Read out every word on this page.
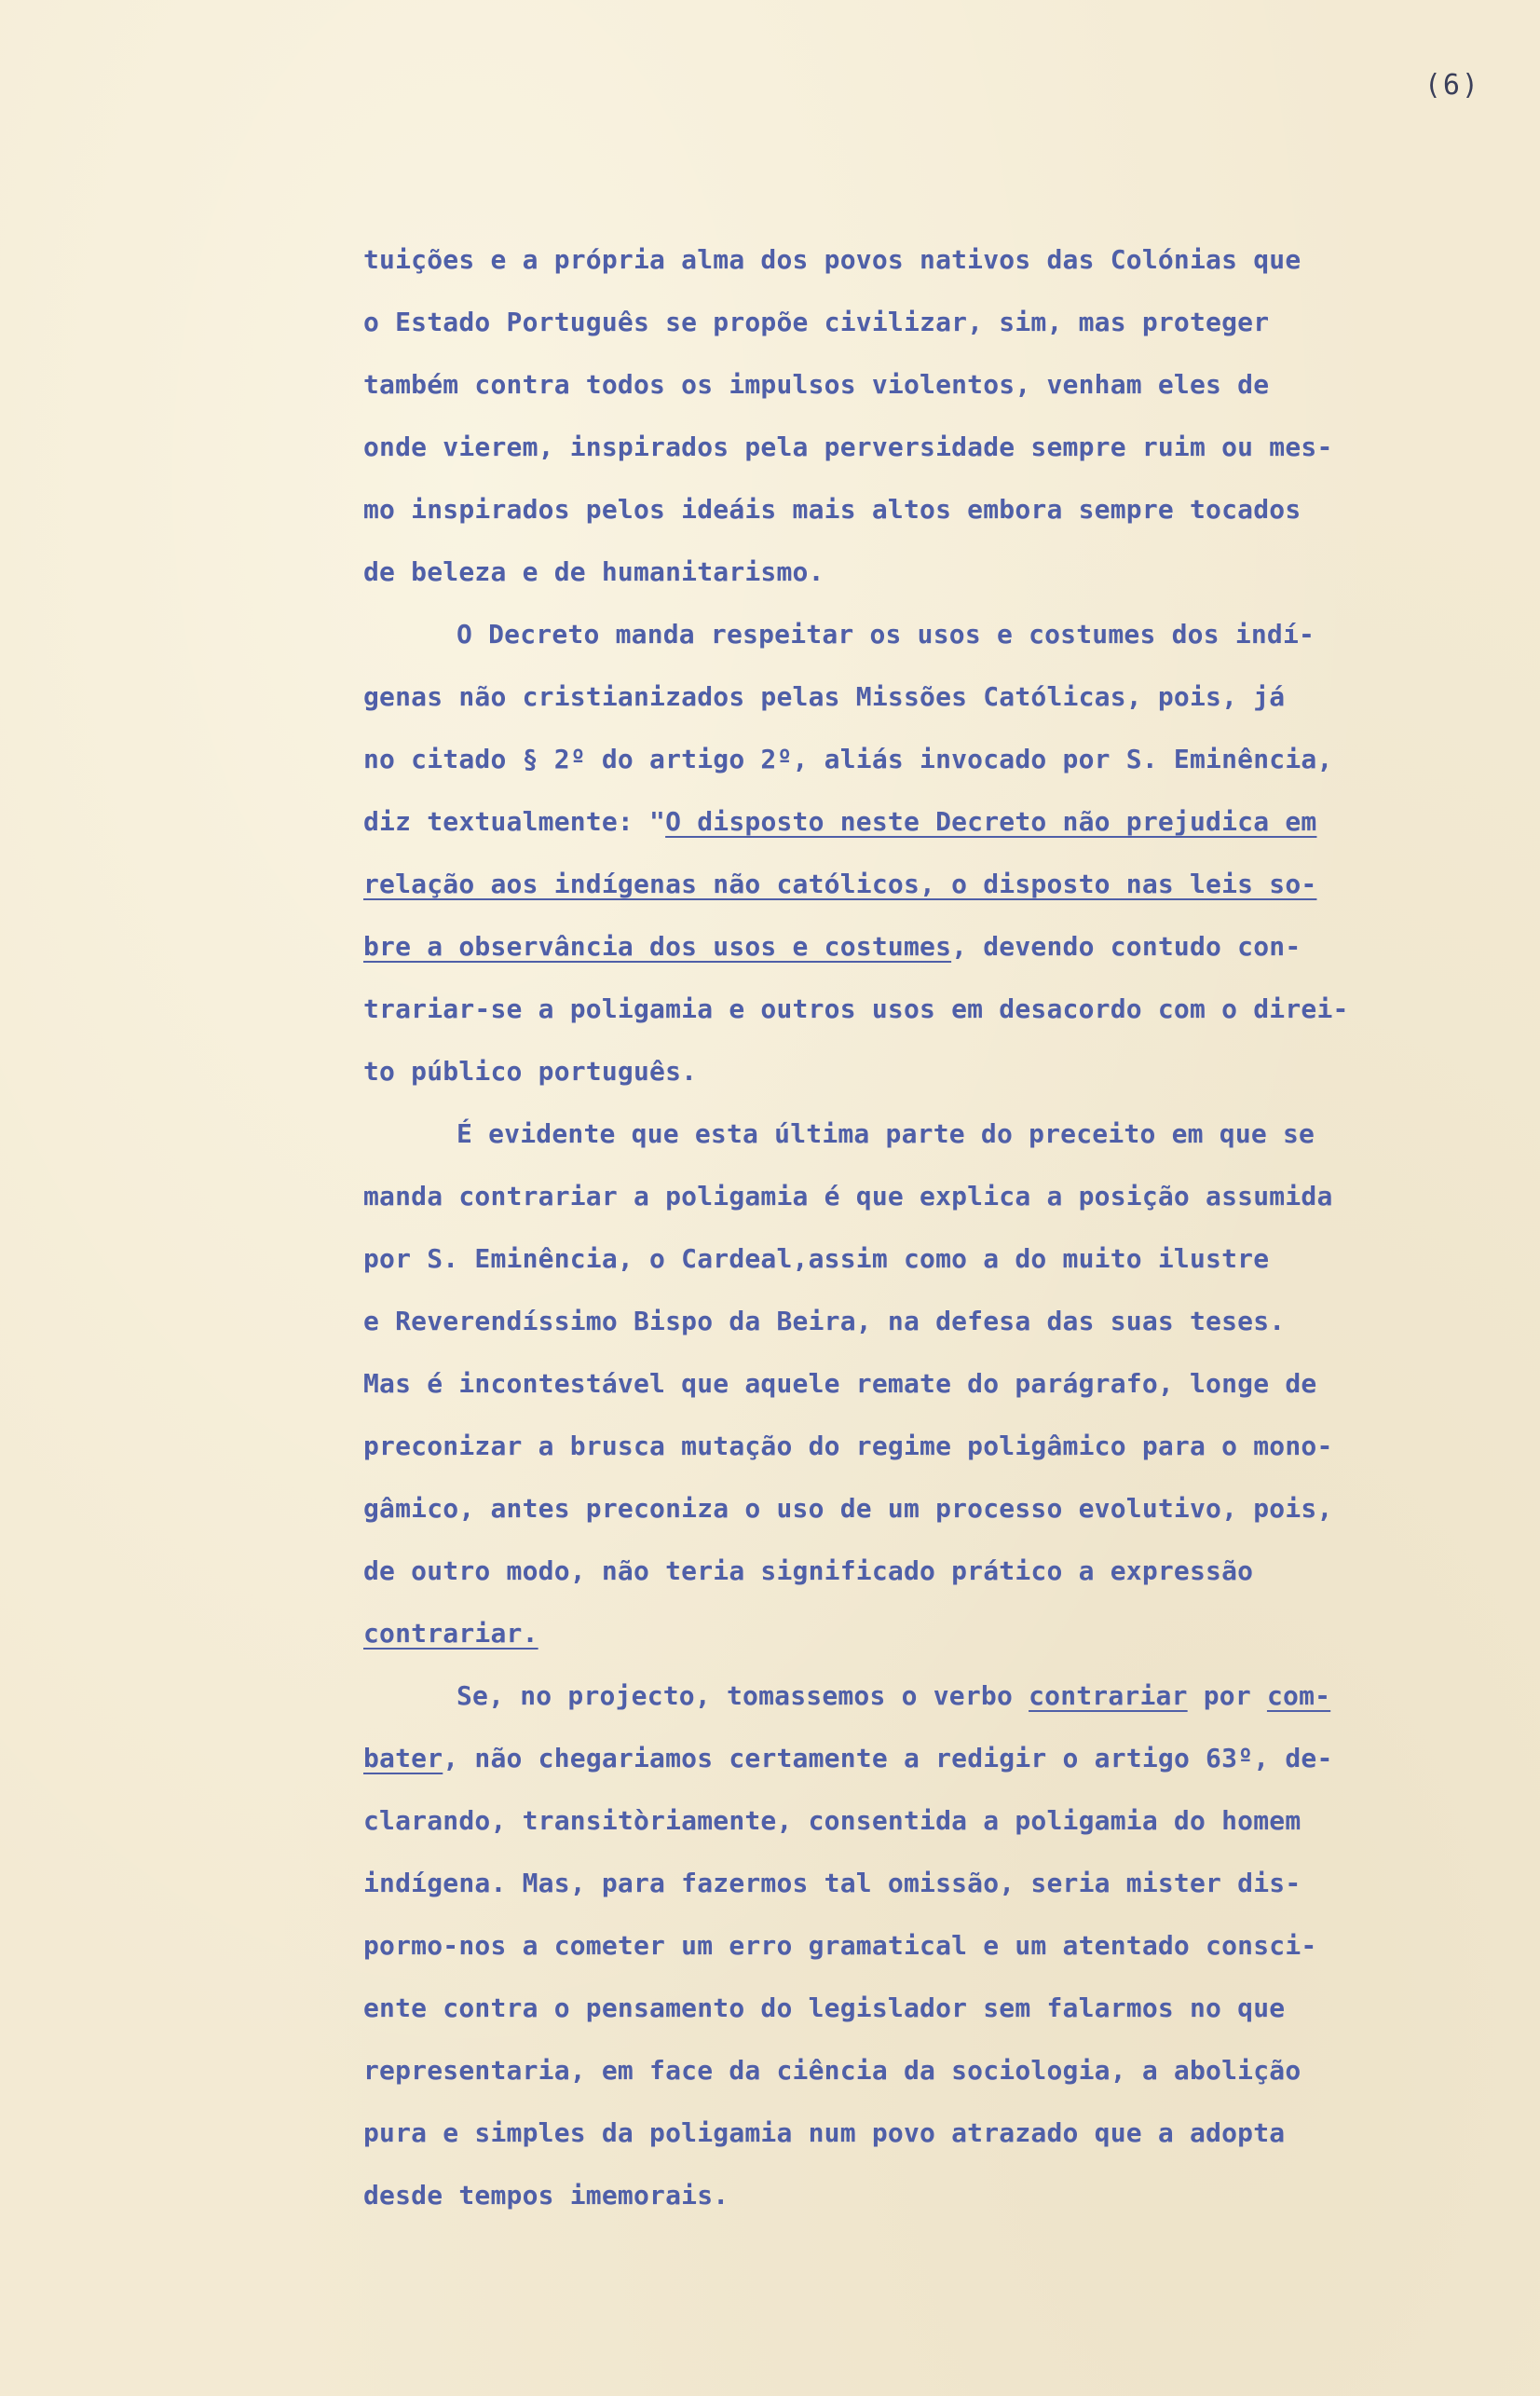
(6)
tuições e a própria alma dos povos nativos das Colónias que
o Estado Português se propõe civilizar, sim, mas proteger
também contra todos os impulsos violentos, venham eles de
onde vierem, inspirados pela perversidade sempre ruim ou mes-
mo inspirados pelos ideáis mais altos embora sempre tocados
de beleza e de humanitarismo.
O Decreto manda respeitar os usos e costumes dos indí-
genas não cristianizados pelas Missões Católicas, pois, já
no citado § 2º do artigo 2º, aliás invocado por S. Eminência,
diz textualmente: "O disposto neste Decreto não prejudica em
relação aos indígenas não católicos, o disposto nas leis so-
bre a observância dos usos e costumes, devendo contudo con-
trariar-se a poligamia e outros usos em desacordo com o direi-
to público português.
É evidente que esta última parte do preceito em que se
manda contrariar a poligamia é que explica a posição assumida
por S. Eminência, o Cardeal,assim como a do muito ilustre
e Reverendíssimo Bispo da Beira, na defesa das suas teses.
Mas é incontestável que aquele remate do parágrafo, longe de
preconizar a brusca mutação do regime poligâmico para o mono-
gâmico, antes preconiza o uso de um processo evolutivo, pois,
de outro modo, não teria significado prático a expressão
contrariar.
Se, no projecto, tomassemos o verbo contrariar por com-
bater, não chegariamos certamente a redigir o artigo 63º, de-
clarando, transitòriamente, consentida a poligamia do homem
indígena. Mas, para fazermos tal omissão, seria mister dis-
pormo-nos a cometer um erro gramatical e um atentado consci-
ente contra o pensamento do legislador sem falarmos no que
representaria, em face da ciência da sociologia, a abolição
pura e simples da poligamia num povo atrazado que a adopta
desde tempos imemorais.
